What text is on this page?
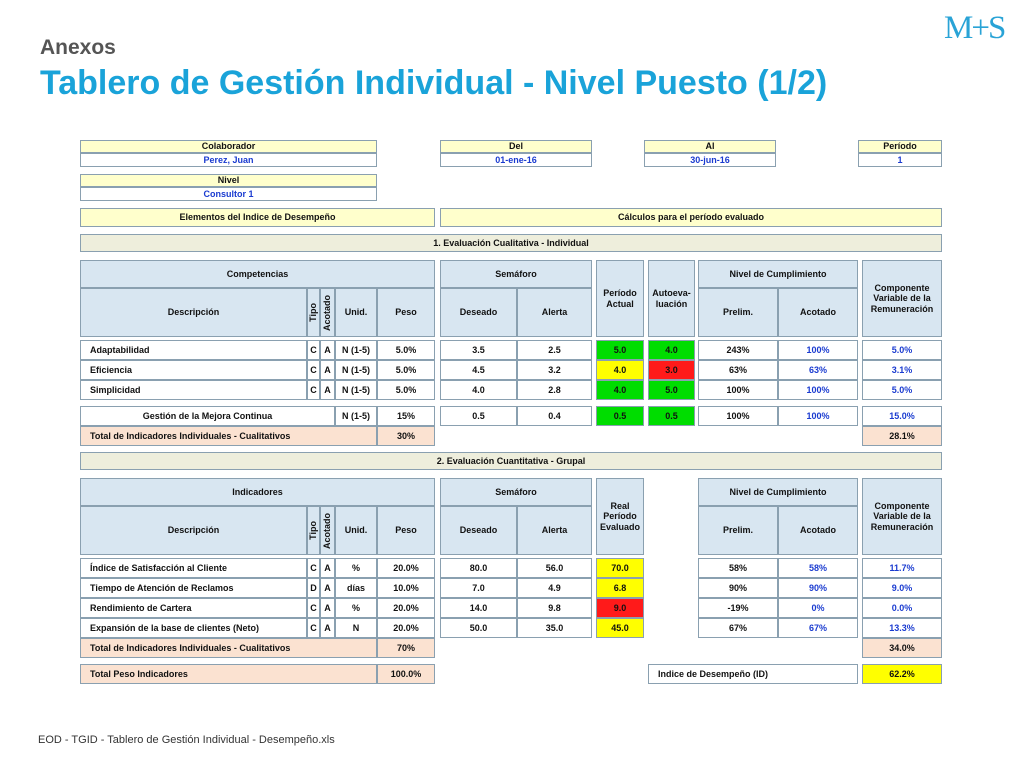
Anexos
Tablero de Gestión Individual - Nivel Puesto (1/2)
M+S
Colaborador
Perez, Juan
Del
01-ene-16
Al
30-jun-16
Período
1
Nivel
Consultor 1
Elementos del Indice de Desempeño	Cálculos para el período evaluado
1. Evaluación Cualitativa - Individual
Competencias	Semáforo
Período Actual
Autoeva-luación
Nivel de Cumplimiento
Componente Variable de la Remuneración
Descripción	Tipo Acotado	Unid.	Peso	Deseado	Alerta	Prelim.	Acotado
Adaptabilidad	C A	N (1-5)	5.0%	3.5	2.5	5.0	4.0	243%	100%	5.0%
Eficiencia	C A	N (1-5)	5.0%	4.5	3.2	4.0	3.0	63%	63%	3.1%
Simplicidad	C A	N (1-5)	5.0%	4.0	2.8	4.0	5.0	100%	100%	5.0%
Gestión de la Mejora Continua	N (1-5)	15%	0.5	0.4	0.5	0.5	100%	100%	15.0%
Total de Indicadores Individuales - Cualitativos	30%	28.1%
2. Evaluación Cuantitativa - Grupal
Indicadores	Semáforo
Real Período Evaluado
Nivel de Cumplimiento
Componente Variable de la Remuneración
Descripción	Tipo Acotado	Unid.	Peso	Deseado	Alerta	Prelim.	Acotado
Índice de Satisfacción al Cliente	C A	%	20.0%	80.0	56.0	70.0	58%	58%	11.7%
Tiempo de Atención de Reclamos	D A	días	10.0%	7.0	4.9	6.8	90%	90%	9.0%
Rendimiento de Cartera	C A	%	20.0%	14.0	9.8	9.0	-19%	0%	0.0%
Expansión de la base de clientes (Neto)	C A	N	20.0%	50.0	35.0	45.0	67%	67%	13.3%
Total de Indicadores Individuales - Cualitativos	70%	34.0%
Total Peso Indicadores	100.0%	Indice de Desempeño (ID)	62.2%
EOD - TGID - Tablero de Gestión Individual - Desempeño.xls
